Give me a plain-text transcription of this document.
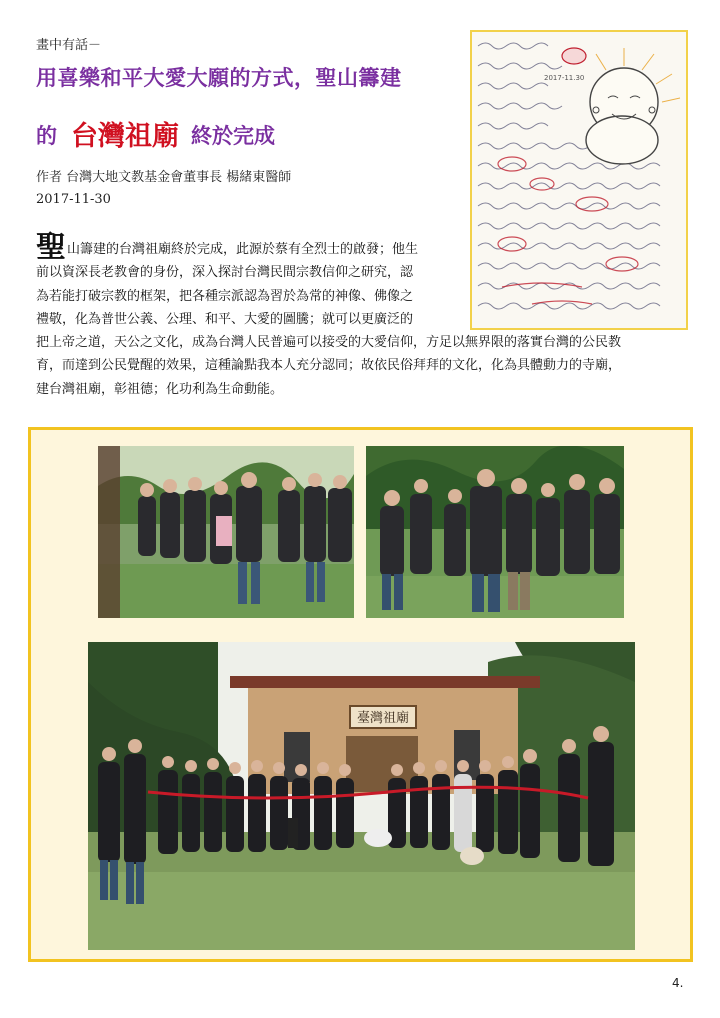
畫中有話－
用喜樂和平大愛大願的方式，聖山籌建
的 台灣祖廟 終於完成
作者 台灣大地文教基金會董事長 楊緒東醫師
2017-11-30
2017-11.30
聖山籌建的台灣祖廟終於完成，此源於蔡有全烈士的啟發；他生
前以資深長老教會的身份，深入探討台灣民間宗教信仰之研究，認
為若能打破宗教的框架，把各種宗派認為習於為常的神像、佛像之
禮敬，化為普世公義、公理、和平、大愛的圖騰；就可以更廣泛的
把上帝之道，天公之文化，成為台灣人民普遍可以接受的大愛信仰，方足以無界限的落實台灣的公民教
育，而達到公民覺醒的效果，這種論點我本人充分認同；故依民俗拜拜的文化，化為具體動力的寺廟，
建台灣祖廟，彰祖德；化功利為生命動能。
臺灣祖廟
4.
